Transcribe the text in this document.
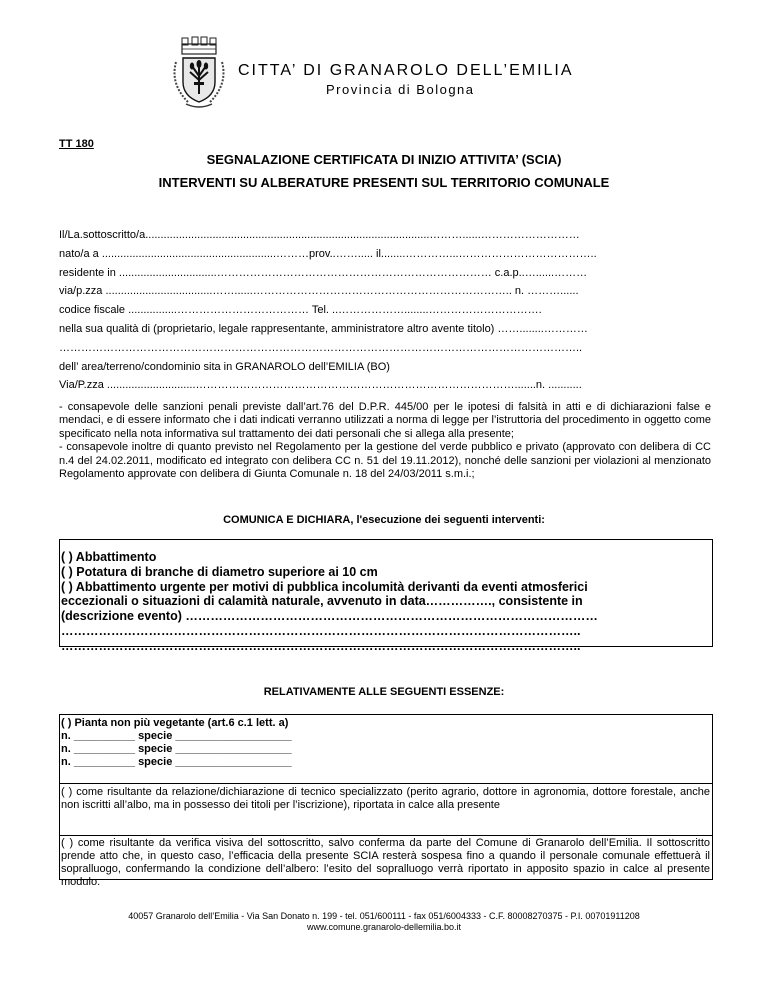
CITTA’ DI GRANAROLO DELL’EMILIA
Provincia di Bologna
TT 180
SEGNALAZIONE CERTIFICATA DI INIZIO ATTIVITA’ (SCIA)
INTERVENTI SU ALBERATURE PRESENTI SUL TERRITORIO COMUNALE
Il/La.sottoscritto/a.............................................................................................………......………………………
nato/a a .........................................................………prov..……..... il........…………...………………………………..
residente in ................................………………………………………………………………… c.a.p..…......………
via/p.zza ...................................……......…………………………………………………………….. n. ………......
codice fiscale ................……………………………… Tel. ..………………........………………………….
nella sua qualità di (proprietario, legale rappresentante, amministratore altro avente titolo) ……........…………
……………………………………………………………………………………………………………………………..
dell’ area/terreno/condominio sita in GRANAROLO dell’EMILIA (BO)
Via/P.zza .............................…………………………………………………………………………….......n. ...........

- consapevole delle sanzioni penali previste dall’art.76 del D.P.R. 445/00 per le ipotesi di falsità in atti e di dichiarazioni false e mendaci, e di essere informato che i dati indicati verranno utilizzati a norma di legge per l’istruttoria del procedimento in oggetto come specificato nella nota informativa sul trattamento dei dati personali che si allega alla presente;

- consapevole inoltre di quanto previsto nel Regolamento per la gestione del verde pubblico e privato (approvato con delibera di CC n.4 del 24.02.2011, modificato ed integrato con delibera CC n. 51 del 19.11.2012), nonché delle sanzioni per violazioni al menzionato Regolamento approvate con delibera di Giunta Comunale n. 18 del 24/03/2011 s.m.i.;

COMUNICA E DICHIARA, l'esecuzione dei seguenti interventi:
( ) Abbattimento
( ) Potatura di branche di diametro superiore ai 10 cm
( ) Abbattimento urgente per motivi di pubblica incolumità derivanti da eventi atmosferici
eccezionali o situazioni di calamità naturale, avvenuto in data……………., consistente in
(descrizione evento) ………………………………………………………………………………………
……………………………………………………………………………………………………………..
……………………………………………………………………………………………………………..
RELATIVAMENTE ALLE SEGUENTI ESSENZE:
( ) Pianta non più vegetante (art.6 c.1 lett. a)
n. __________ specie ___________________
n. __________ specie ___________________
n. __________ specie ___________________
( ) come risultante da relazione/dichiarazione di tecnico specializzato (perito agrario, dottore in agronomia, dottore forestale, anche non iscritti all’albo, ma in possesso dei titoli per l’iscrizione), riportata in calce alla presente
( ) come risultante da verifica visiva del sottoscritto, salvo conferma da parte del Comune di Granarolo dell’Emilia. Il sottoscritto prende atto che, in questo caso, l’efficacia della presente SCIA resterà sospesa fino a quando il personale comunale effettuerà il sopralluogo, confermando la condizione dell’albero: l’esito del sopralluogo verrà riportato in apposito spazio in calce al presente modulo.
40057 Granarolo dell’Emilia - Via San Donato n. 199 - tel. 051/600111 - fax 051/6004333 - C.F. 80008270375 - P.I. 00701911208
www.comune.granarolo-dellemilia.bo.it
